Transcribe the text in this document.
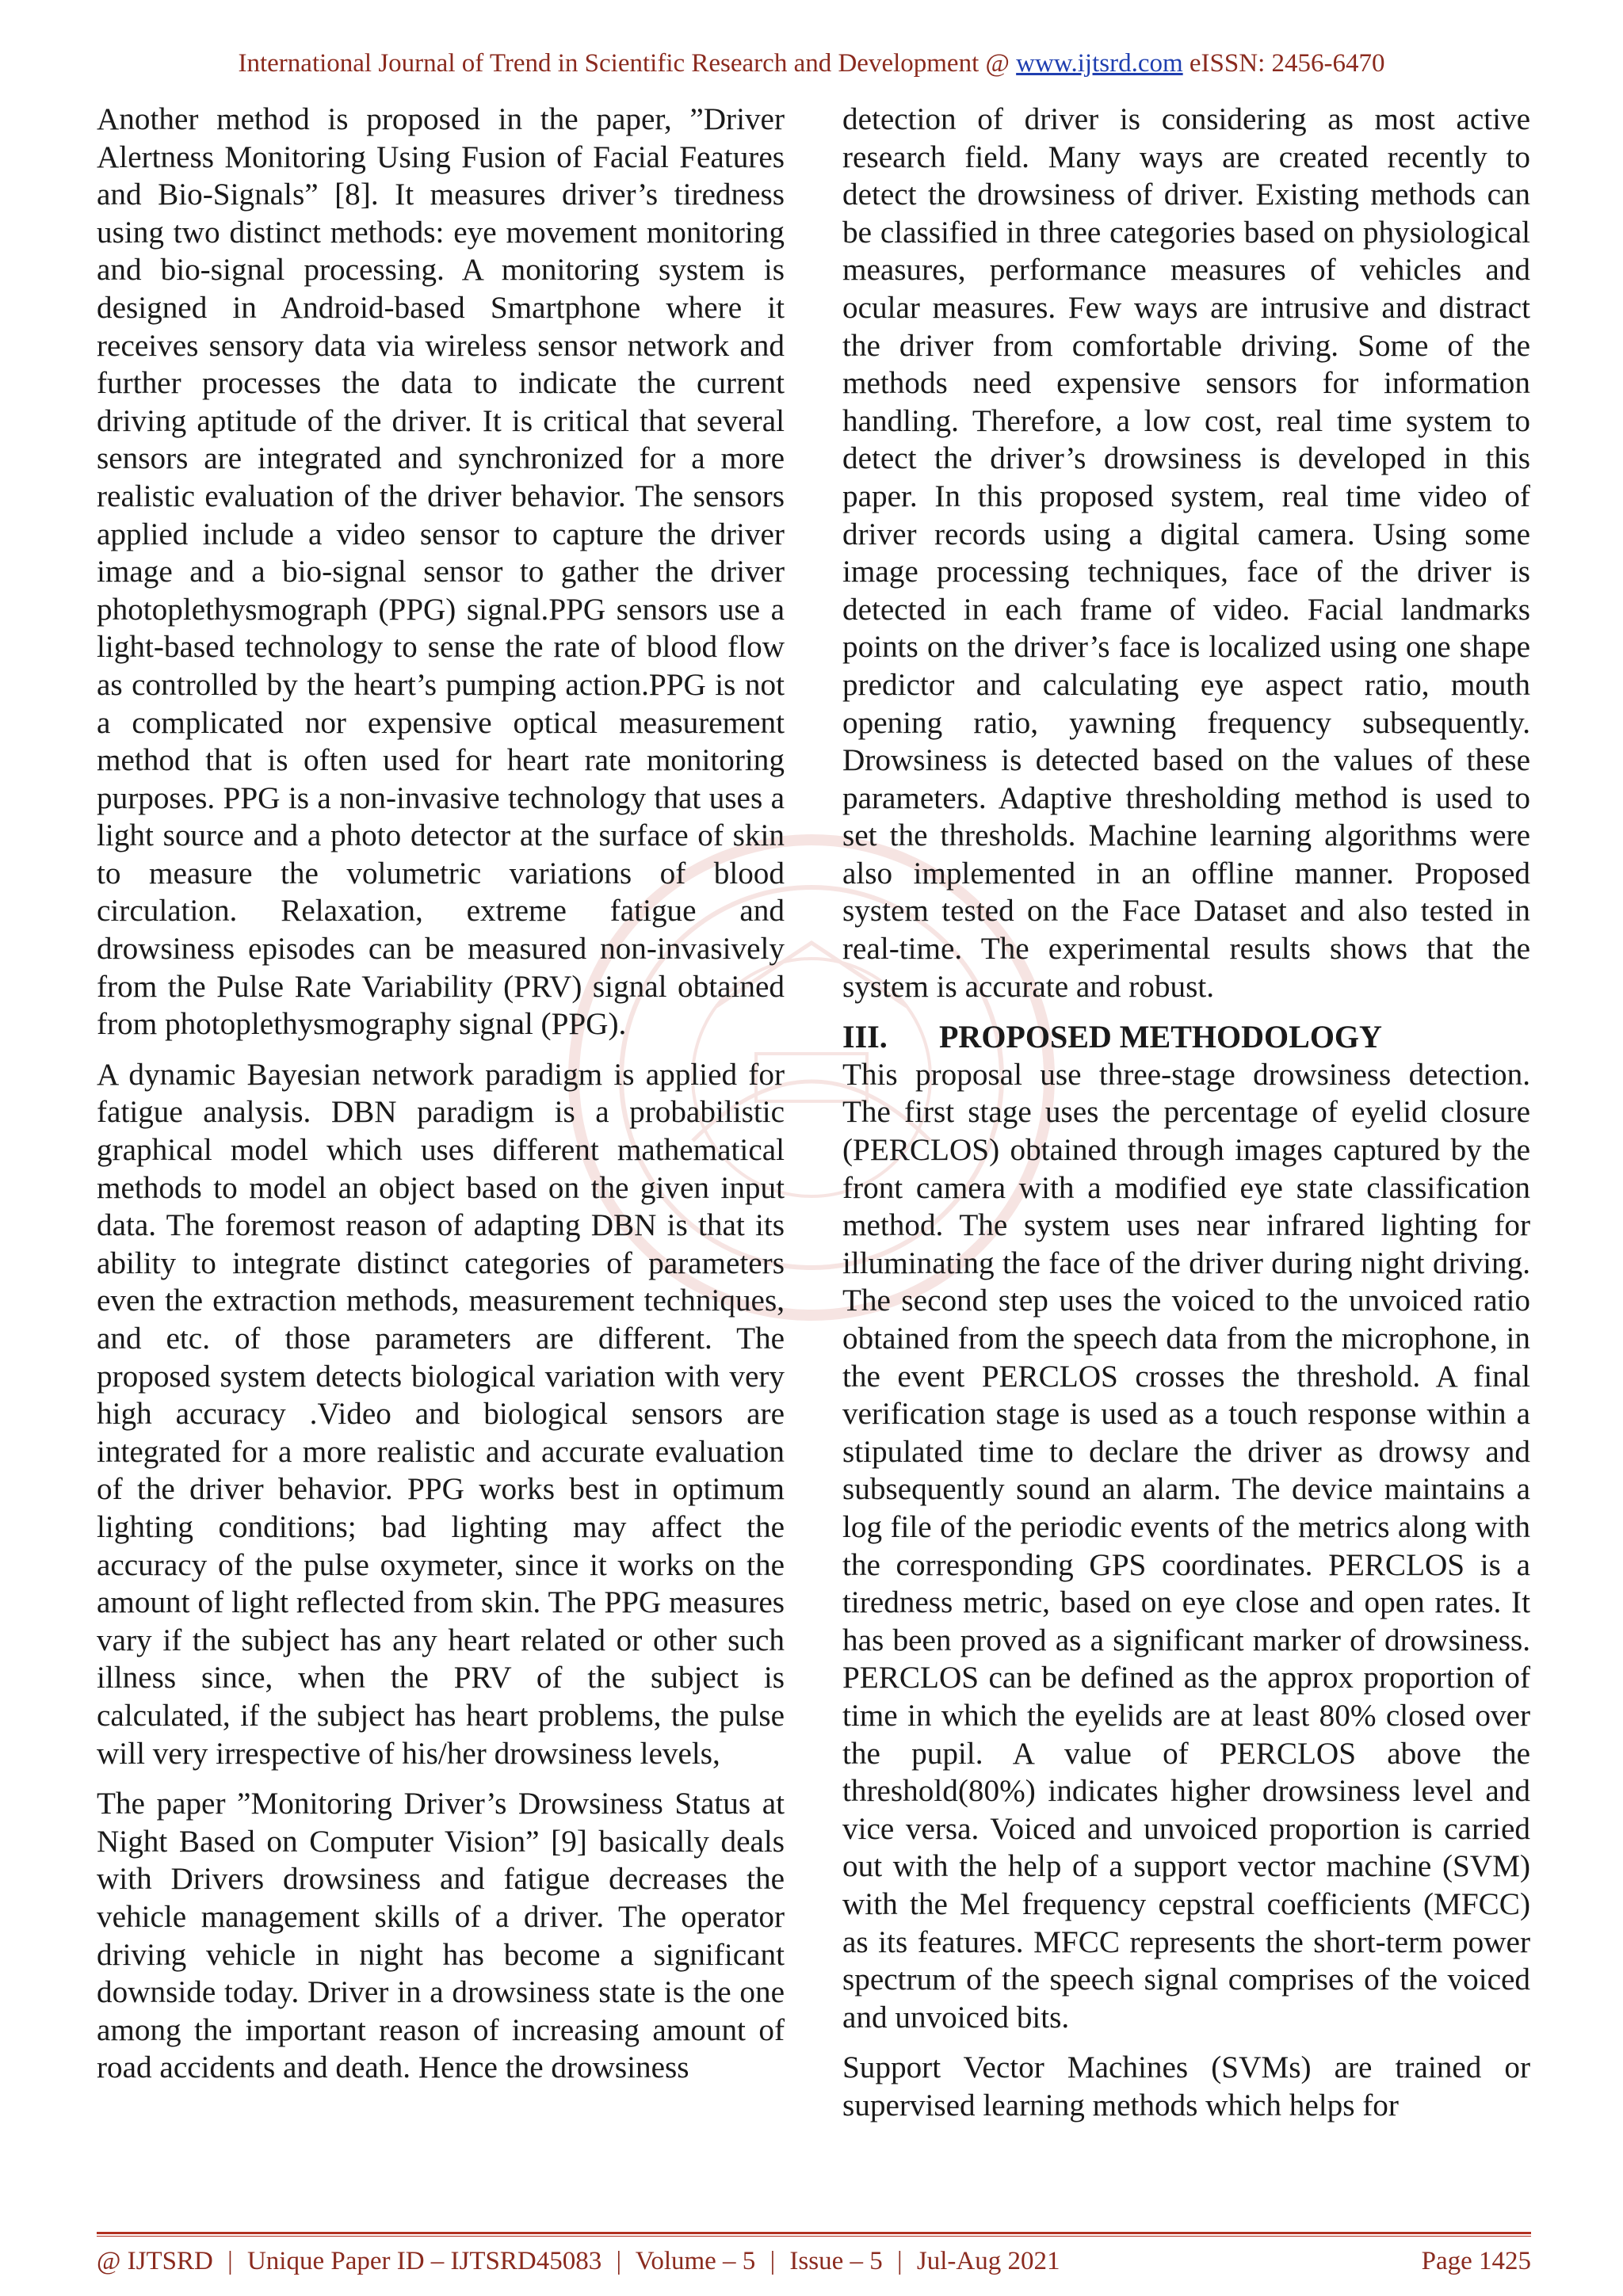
International Journal of Trend in Scientific Research and Development @ www.ijtsrd.com eISSN: 2456-6470

Another method is proposed in the paper, ”Driver Alertness Monitoring Using Fusion of Facial Features and Bio-Signals” [8]. It measures driver’s tiredness using two distinct methods: eye movement monitoring and bio-signal processing. A monitoring system is designed in Android-based Smartphone where it receives sensory data via wireless sensor network and further processes the data to indicate the current driving aptitude of the driver. It is critical that several sensors are integrated and synchronized for a more realistic evaluation of the driver behavior. The sensors applied include a video sensor to capture the driver image and a bio-signal sensor to gather the driver photoplethysmograph (PPG) signal.PPG sensors use a light-based technology to sense the rate of blood flow as controlled by the heart’s pumping action.PPG is not a complicated nor expensive optical measurement method that is often used for heart rate monitoring purposes. PPG is a non-invasive technology that uses a light source and a photo detector at the surface of skin to measure the volumetric variations of blood circulation. Relaxation, extreme fatigue and drowsiness episodes can be measured non-invasively from the Pulse Rate Variability (PRV) signal obtained from photoplethysmography signal (PPG).

A dynamic Bayesian network paradigm is applied for fatigue analysis. DBN paradigm is a probabilistic graphical model which uses different mathematical methods to model an object based on the given input data. The foremost reason of adapting DBN is that its ability to integrate distinct categories of parameters even the extraction methods, measurement techniques, and etc. of those parameters are different. The proposed system detects biological variation with very high accuracy .Video and biological sensors are integrated for a more realistic and accurate evaluation of the driver behavior. PPG works best in optimum lighting conditions; bad lighting may affect the accuracy of the pulse oxymeter, since it works on the amount of light reflected from skin. The PPG measures vary if the subject has any heart related or other such illness since, when the PRV of the subject is calculated, if the subject has heart problems, the pulse will very irrespective of his/her drowsiness levels,

The paper ”Monitoring Driver’s Drowsiness Status at Night Based on Computer Vision” [9] basically deals with Drivers drowsiness and fatigue decreases the vehicle management skills of a driver. The operator driving vehicle in night has become a significant downside today. Driver in a drowsiness state is the one among the important reason of increasing amount of road accidents and death. Hence the drowsiness

detection of driver is considering as most active research field. Many ways are created recently to detect the drowsiness of driver. Existing methods can be classified in three categories based on physiological measures, performance measures of vehicles and ocular measures. Few ways are intrusive and distract the driver from comfortable driving. Some of the methods need expensive sensors for information handling. Therefore, a low cost, real time system to detect the driver’s drowsiness is developed in this paper. In this proposed system, real time video of driver records using a digital camera. Using some image processing techniques, face of the driver is detected in each frame of video. Facial landmarks points on the driver’s face is localized using one shape predictor and calculating eye aspect ratio, mouth opening ratio, yawning frequency subsequently. Drowsiness is detected based on the values of these parameters. Adaptive thresholding method is used to set the thresholds. Machine learning algorithms were also implemented in an offline manner. Proposed system tested on the Face Dataset and also tested in real-time. The experimental results shows that the system is accurate and robust.

III. PROPOSED METHODOLOGY

This proposal use three-stage drowsiness detection. The first stage uses the percentage of eyelid closure (PERCLOS) obtained through images captured by the front camera with a modified eye state classification method. The system uses near infrared lighting for illuminating the face of the driver during night driving. The second step uses the voiced to the unvoiced ratio obtained from the speech data from the microphone, in the event PERCLOS crosses the threshold. A final verification stage is used as a touch response within a stipulated time to declare the driver as drowsy and subsequently sound an alarm. The device maintains a log file of the periodic events of the metrics along with the corresponding GPS coordinates. PERCLOS is a tiredness metric, based on eye close and open rates. It has been proved as a significant marker of drowsiness. PERCLOS can be defined as the approx proportion of time in which the eyelids are at least 80% closed over the pupil. A value of PERCLOS above the threshold(80%) indicates higher drowsiness level and vice versa. Voiced and unvoiced proportion is carried out with the help of a support vector machine (SVM) with the Mel frequency cepstral coefficients (MFCC) as its features. MFCC represents the short-term power spectrum of the speech signal comprises of the voiced and unvoiced bits.

Support Vector Machines (SVMs) are trained or supervised learning methods which helps for

@ IJTSRD | Unique Paper ID – IJTSRD45083 | Volume – 5 | Issue – 5 | Jul-Aug 2021	Page 1425
